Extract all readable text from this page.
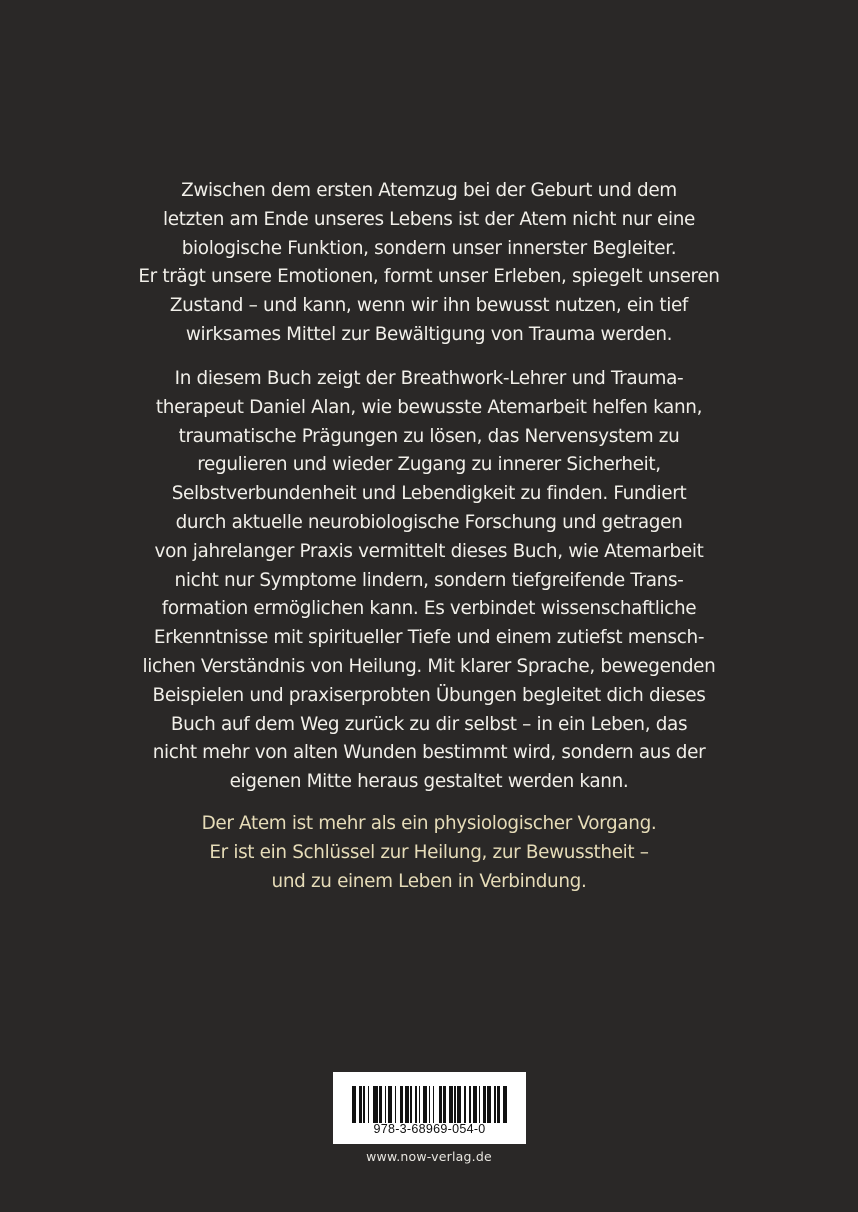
Zwischen dem ersten Atemzug bei der Geburt und dem
letzten am Ende unseres Lebens ist der Atem nicht nur eine
biologische Funktion, sondern unser innerster Begleiter.
Er trägt unsere Emotionen, formt unser Erleben, spiegelt unseren
Zustand – und kann, wenn wir ihn bewusst nutzen, ein tief
wirksames Mittel zur Bewältigung von Trauma werden.
In diesem Buch zeigt der Breathwork-Lehrer und Trauma-
therapeut Daniel Alan, wie bewusste Atemarbeit helfen kann,
traumatische Prägungen zu lösen, das Nervensystem zu
regulieren und wieder Zugang zu innerer Sicherheit,
Selbstverbundenheit und Lebendigkeit zu finden. Fundiert
durch aktuelle neurobiologische Forschung und getragen
von jahrelanger Praxis vermittelt dieses Buch, wie Atemarbeit
nicht nur Symptome lindern, sondern tiefgreifende Trans-
formation ermöglichen kann. Es verbindet wissenschaftliche
Erkenntnisse mit spiritueller Tiefe und einem zutiefst mensch-
lichen Verständnis von Heilung. Mit klarer Sprache, bewegenden
Beispielen und praxiserprobten Übungen begleitet dich dieses
Buch auf dem Weg zurück zu dir selbst – in ein Leben, das
nicht mehr von alten Wunden bestimmt wird, sondern aus der
eigenen Mitte heraus gestaltet werden kann.
Der Atem ist mehr als ein physiologischer Vorgang.
Er ist ein Schlüssel zur Heilung, zur Bewusstheit –
und zu einem Leben in Verbindung.
978-3-68969-054-0
www.now-verlag.de
